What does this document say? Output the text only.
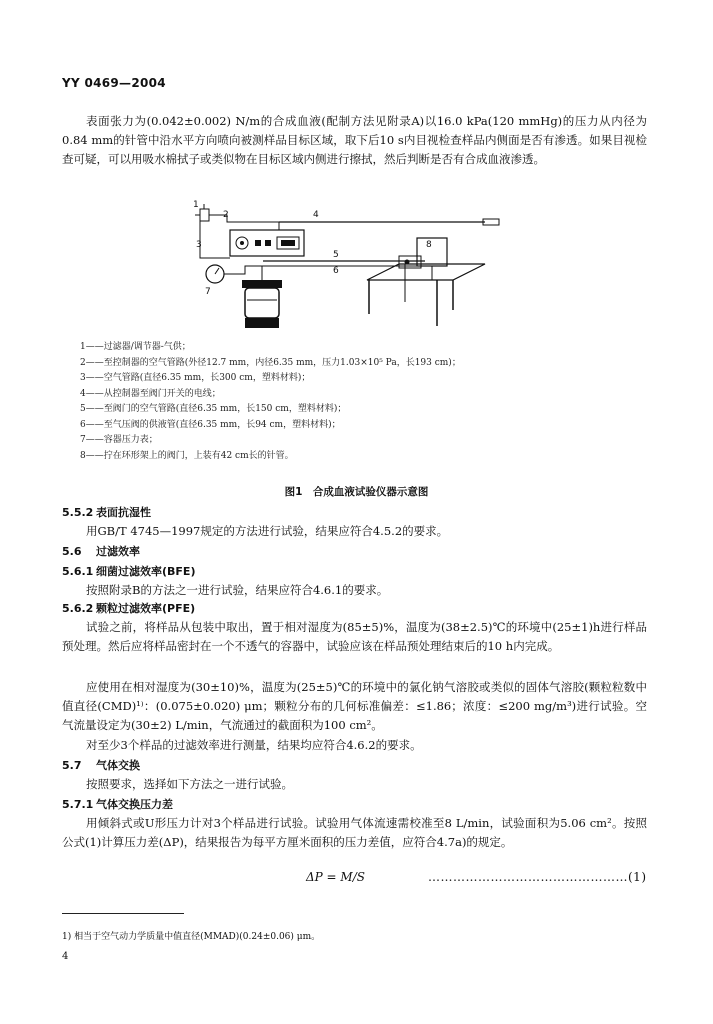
YY 0469—2004
表面张力为(0.042±0.002) N/m的合成血液(配制方法见附录A)以16.0 kPa(120 mmHg)的压力从内径为0.84 mm的针管中沿水平方向喷向被测样品目标区域，取下后10 s内目视检查样品内侧面是否有渗透。如果目视检查可疑，可以用吸水棉拭子或类似物在目标区域内侧进行擦拭，然后判断是否有合成血液渗透。
1
2
3
4
5
6
7
8
1——过滤器/调节器-气供；
2——至控制器的空气管路(外径12.7 mm，内径6.35 mm，压力1.03×10⁵ Pa，长193 cm)；
3——空气管路(直径6.35 mm，长300 cm，塑料材料)；
4——从控制器至阀门开关的电线；
5——至阀门的空气管路(直径6.35 mm，长150 cm，塑料材料)；
6——至气压阀的供液管(直径6.35 mm，长94 cm，塑料材料)；
7——容器压力表；
8——拧在环形架上的阀门，上装有42 cm长的针管。
图1　合成血液试验仪器示意图
5.5.2 表面抗湿性
用GB/T 4745—1997规定的方法进行试验，结果应符合4.5.2的要求。
5.6 过滤效率
5.6.1 细菌过滤效率(BFE)
按照附录B的方法之一进行试验，结果应符合4.6.1的要求。
5.6.2 颗粒过滤效率(PFE)
试验之前，将样品从包装中取出，置于相对湿度为(85±5)%，温度为(38±2.5)℃的环境中(25±1)h进行样品预处理。然后应将样品密封在一个不透气的容器中，试验应该在样品预处理结束后的10 h内完成。
应使用在相对湿度为(30±10)%，温度为(25±5)℃的环境中的氯化钠气溶胶或类似的固体气溶胶(颗粒粒数中值直径(CMD)¹⁾：(0.075±0.020) μm；颗粒分布的几何标准偏差：≤1.86；浓度：≤200 mg/m³)进行试验。空气流量设定为(30±2) L/min，气流通过的截面积为100 cm²。
对至少3个样品的过滤效率进行测量，结果均应符合4.6.2的要求。
5.7 气体交换
按照要求，选择如下方法之一进行试验。
5.7.1 气体交换压力差
用倾斜式或U形压力计对3个样品进行试验。试验用气体流速需校准至8 L/min，试验面积为5.06 cm²。按照公式(1)计算压力差(ΔP)，结果报告为每平方厘米面积的压力差值，应符合4.7a)的规定。
ΔP = M/S	…………………………………………(1)
1) 相当于空气动力学质量中值直径(MMAD)(0.24±0.06) μm。
4
